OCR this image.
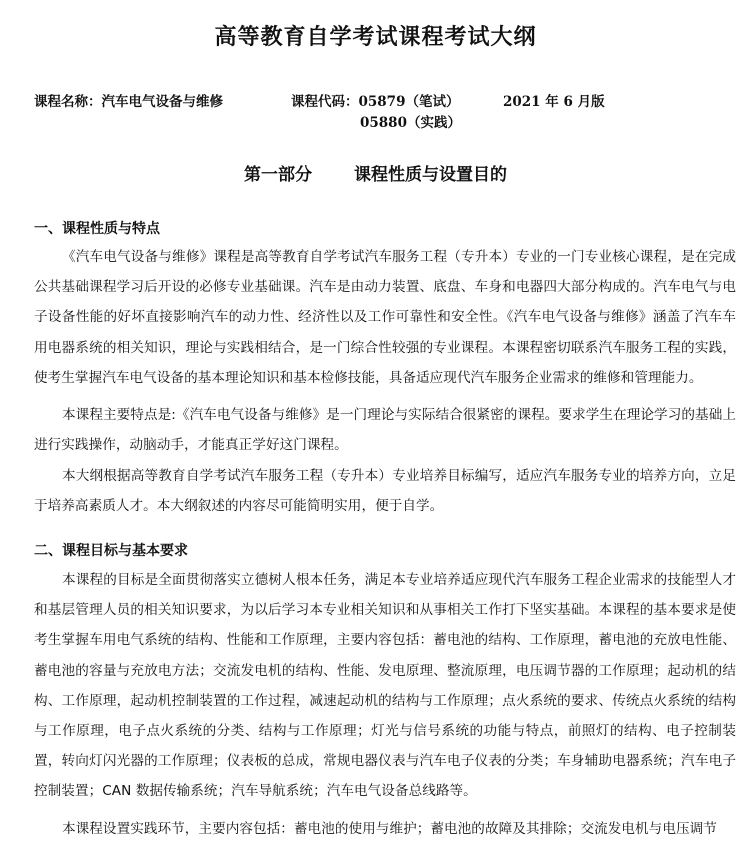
高等教育自学考试课程考试大纲
课程名称：汽车电气设备与维修	课程代码：05879（笔试）
05880（实践）
2021 年 6 月版
第一部分 课程性质与设置目的
一、课程性质与特点

《汽车电气设备与维修》课程是高等教育自学考试汽车服务工程（专升本）专业的一门专业核心课程，是在完成公共基础课程学习后开设的必修专业基础课。汽车是由动力装置、底盘、车身和电器四大部分构成的。汽车电气与电子设备性能的好坏直接影响汽车的动力性、经济性以及工作可靠性和安全性。《汽车电气设备与维修》涵盖了汽车车用电器系统的相关知识，理论与实践相结合，是一门综合性较强的专业课程。本课程密切联系汽车服务工程的实践，使考生掌握汽车电气设备的基本理论知识和基本检修技能，具备适应现代汽车服务企业需求的维修和管理能力。

本课程主要特点是:《汽车电气设备与维修》是一门理论与实际结合很紧密的课程。要求学生在理论学习的基础上进行实践操作，动脑动手，才能真正学好这门课程。

本大纲根据高等教育自学考试汽车服务工程（专升本）专业培养目标编写，适应汽车服务专业的培养方向，立足于培养高素质人才。本大纲叙述的内容尽可能简明实用，便于自学。

二、课程目标与基本要求

本课程的目标是全面贯彻落实立德树人根本任务，满足本专业培养适应现代汽车服务工程企业需求的技能型人才和基层管理人员的相关知识要求，为以后学习本专业相关知识和从事相关工作打下坚实基础。本课程的基本要求是使考生掌握车用电气系统的结构、性能和工作原理，主要内容包括：蓄电池的结构、工作原理，蓄电池的充放电性能、蓄电池的容量与充放电方法；交流发电机的结构、性能、发电原理、整流原理，电压调节器的工作原理；起动机的结构、工作原理，起动机控制装置的工作过程，减速起动机的结构与工作原理；点火系统的要求、传统点火系统的结构与工作原理，电子点火系统的分类、结构与工作原理；灯光与信号系统的功能与特点，前照灯的结构、电子控制装置，转向灯闪光器的工作原理；仪表板的总成，常规电器仪表与汽车电子仪表的分类；车身辅助电器系统；汽车电子控制装置；CAN 数据传输系统；汽车导航系统；汽车电气设备总线路等。

本课程设置实践环节，主要内容包括：蓄电池的使用与维护；蓄电池的故障及其排除；交流发电机与电压调节
